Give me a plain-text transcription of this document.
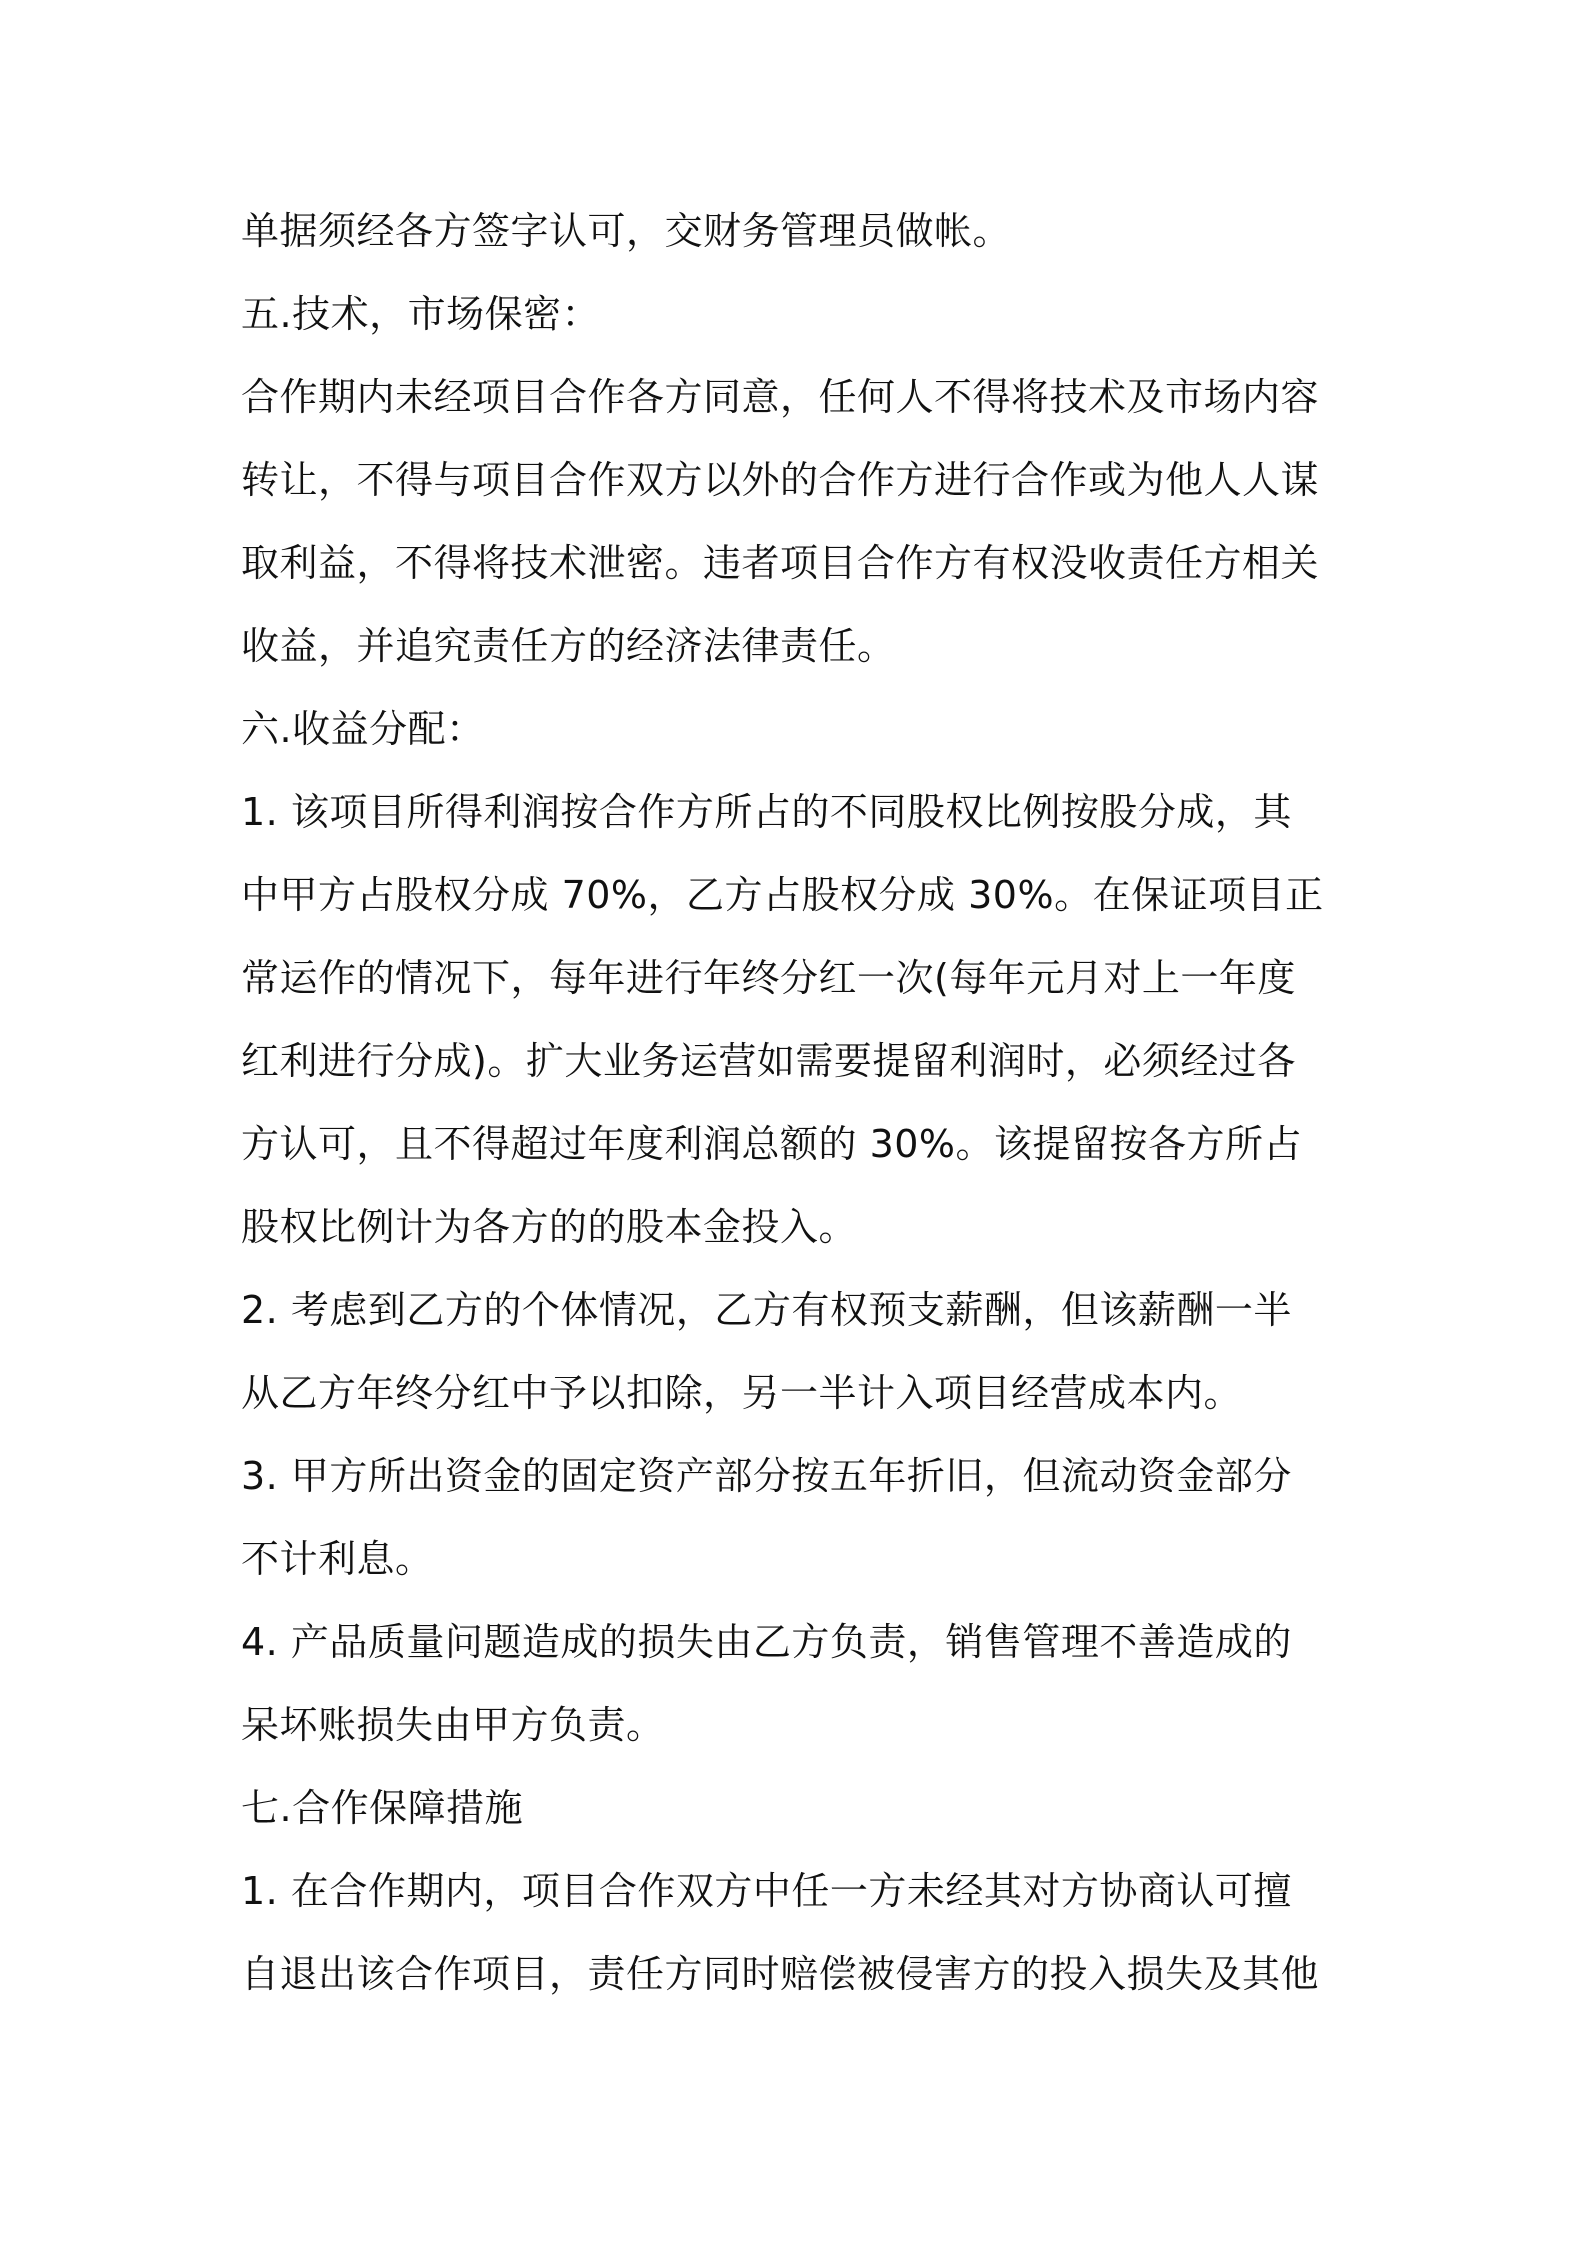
单据须经各方签字认可，交财务管理员做帐。
五.技术，市场保密：
合作期内未经项目合作各方同意，任何人不得将技术及市场内容
转让，不得与项目合作双方以外的合作方进行合作或为他人人谋
取利益，不得将技术泄密。违者项目合作方有权没收责任方相关
收益，并追究责任方的经济法律责任。
六.收益分配：
1. 该项目所得利润按合作方所占的不同股权比例按股分成，其
中甲方占股权分成 70%，乙方占股权分成 30%。在保证项目正
常运作的情况下，每年进行年终分红一次(每年元月对上一年度
红利进行分成)。扩大业务运营如需要提留利润时，必须经过各
方认可，且不得超过年度利润总额的 30%。该提留按各方所占
股权比例计为各方的的股本金投入。
2. 考虑到乙方的个体情况，乙方有权预支薪酬，但该薪酬一半
从乙方年终分红中予以扣除，另一半计入项目经营成本内。
3. 甲方所出资金的固定资产部分按五年折旧，但流动资金部分
不计利息。
4. 产品质量问题造成的损失由乙方负责，销售管理不善造成的
呆坏账损失由甲方负责。
七.合作保障措施
1. 在合作期内，项目合作双方中任一方未经其对方协商认可擅
自退出该合作项目，责任方同时赔偿被侵害方的投入损失及其他
